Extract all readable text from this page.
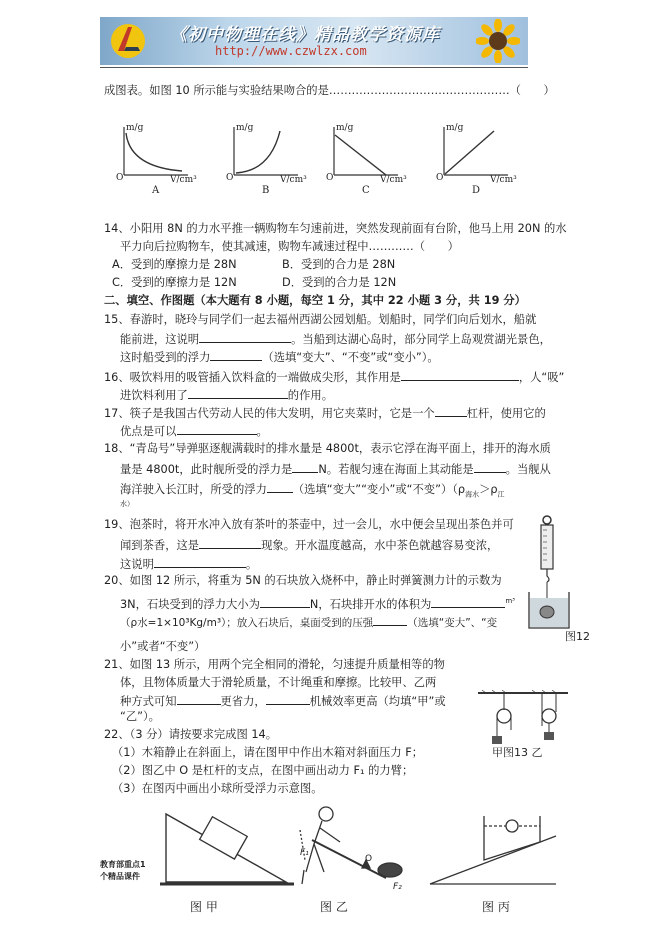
《初中物理在线》精品教学资源库
http://www.czwlzx.com
成图表。如图 10 所示能与实验结果吻合的是…………………………………………（　　）
m/g
V/cm³
O
A
m/g
V/cm³
O
B
m/g
V/cm³
O
C
m/g
V/cm³
O
D
14、小阳用 8N 的力水平推一辆购物车匀速前进，突然发现前面有台阶，他马上用 20N 的水
平力向后拉购物车，使其减速，购物车减速过程中…………（　　）
A．受到的摩擦力是 28N	B．受到的合力是 28N
C．受到的摩擦力是 12N	D．受到的合力是 12N
二、填空、作图题（本大题有 8 小题，每空 1 分，其中 22 小题 3 分，共 19 分）
15、春游时，晓玲与同学们一起去福州西湖公园划船。划船时，同学们向后划水，船就
能前进，这说明	。当船到达湖心岛时，部分同学上岛观赏湖光景色，
这时船受到的浮力	（选填“变大”、“不变”或“变小”）。
16、吸饮料用的吸管插入饮料盒的一端做成尖形，其作用是	，人“吸”
进饮料利用了	的作用。
17、筷子是我国古代劳动人民的伟大发明，用它夹菜时，它是一个	杠杆，使用它的
优点是可以	。
18、“青岛号”导弹驱逐舰满载时的排水量是 4800t，表示它浮在海平面上，排开的海水质
量是 4800t，此时舰所受的浮力是 N。若舰匀速在海面上其动能是	。当舰从
海洋驶入长江时，所受的浮力 （选填“变大”“变小”或“不变$”)(\rho_{海水}>\rho_江$
水）
19、泡茶时，将开水冲入放有茶叶的茶壶中，过一会儿，水中便会呈现出茶色并可
闻到茶香，这是	现象。开水温度越高，水中茶色就越容易变浓，
这说明	。
20、如图 12 所示，将重为 5N 的石块放入烧杯中，静止时弹簧测力计的示数为
3N，石块受到的浮力大小为	N，石块排开水的体积为	$^{m^3}$
（ρ水=1×10³Kg/m³）；放入石块后，桌面受到的压强	（选填“变大”、“变
小”或者“不变”）
图12
21、如图 13 所示，用两个完全相同的滑轮，匀速提升质量相等的物
体，且物体质量大于滑轮质量，不计绳重和摩擦。比较甲、乙两
种方式可知	更省力，	机械效率更高（均填“甲”或
“乙”）。
甲图13 乙
22、（3 分）请按要求完成图 14。
（1）木箱静止在斜面上，请在图甲中作出木箱对斜面压力 F；
（2）图乙中 O 是杠杆的支点，在图中画出动力 F₁ 的力臂；
（3）在图丙中画出小球所受浮力示意图。
教育部重点1
个精品课件
F₁
O
F₂
图 甲	图 乙	图 丙
